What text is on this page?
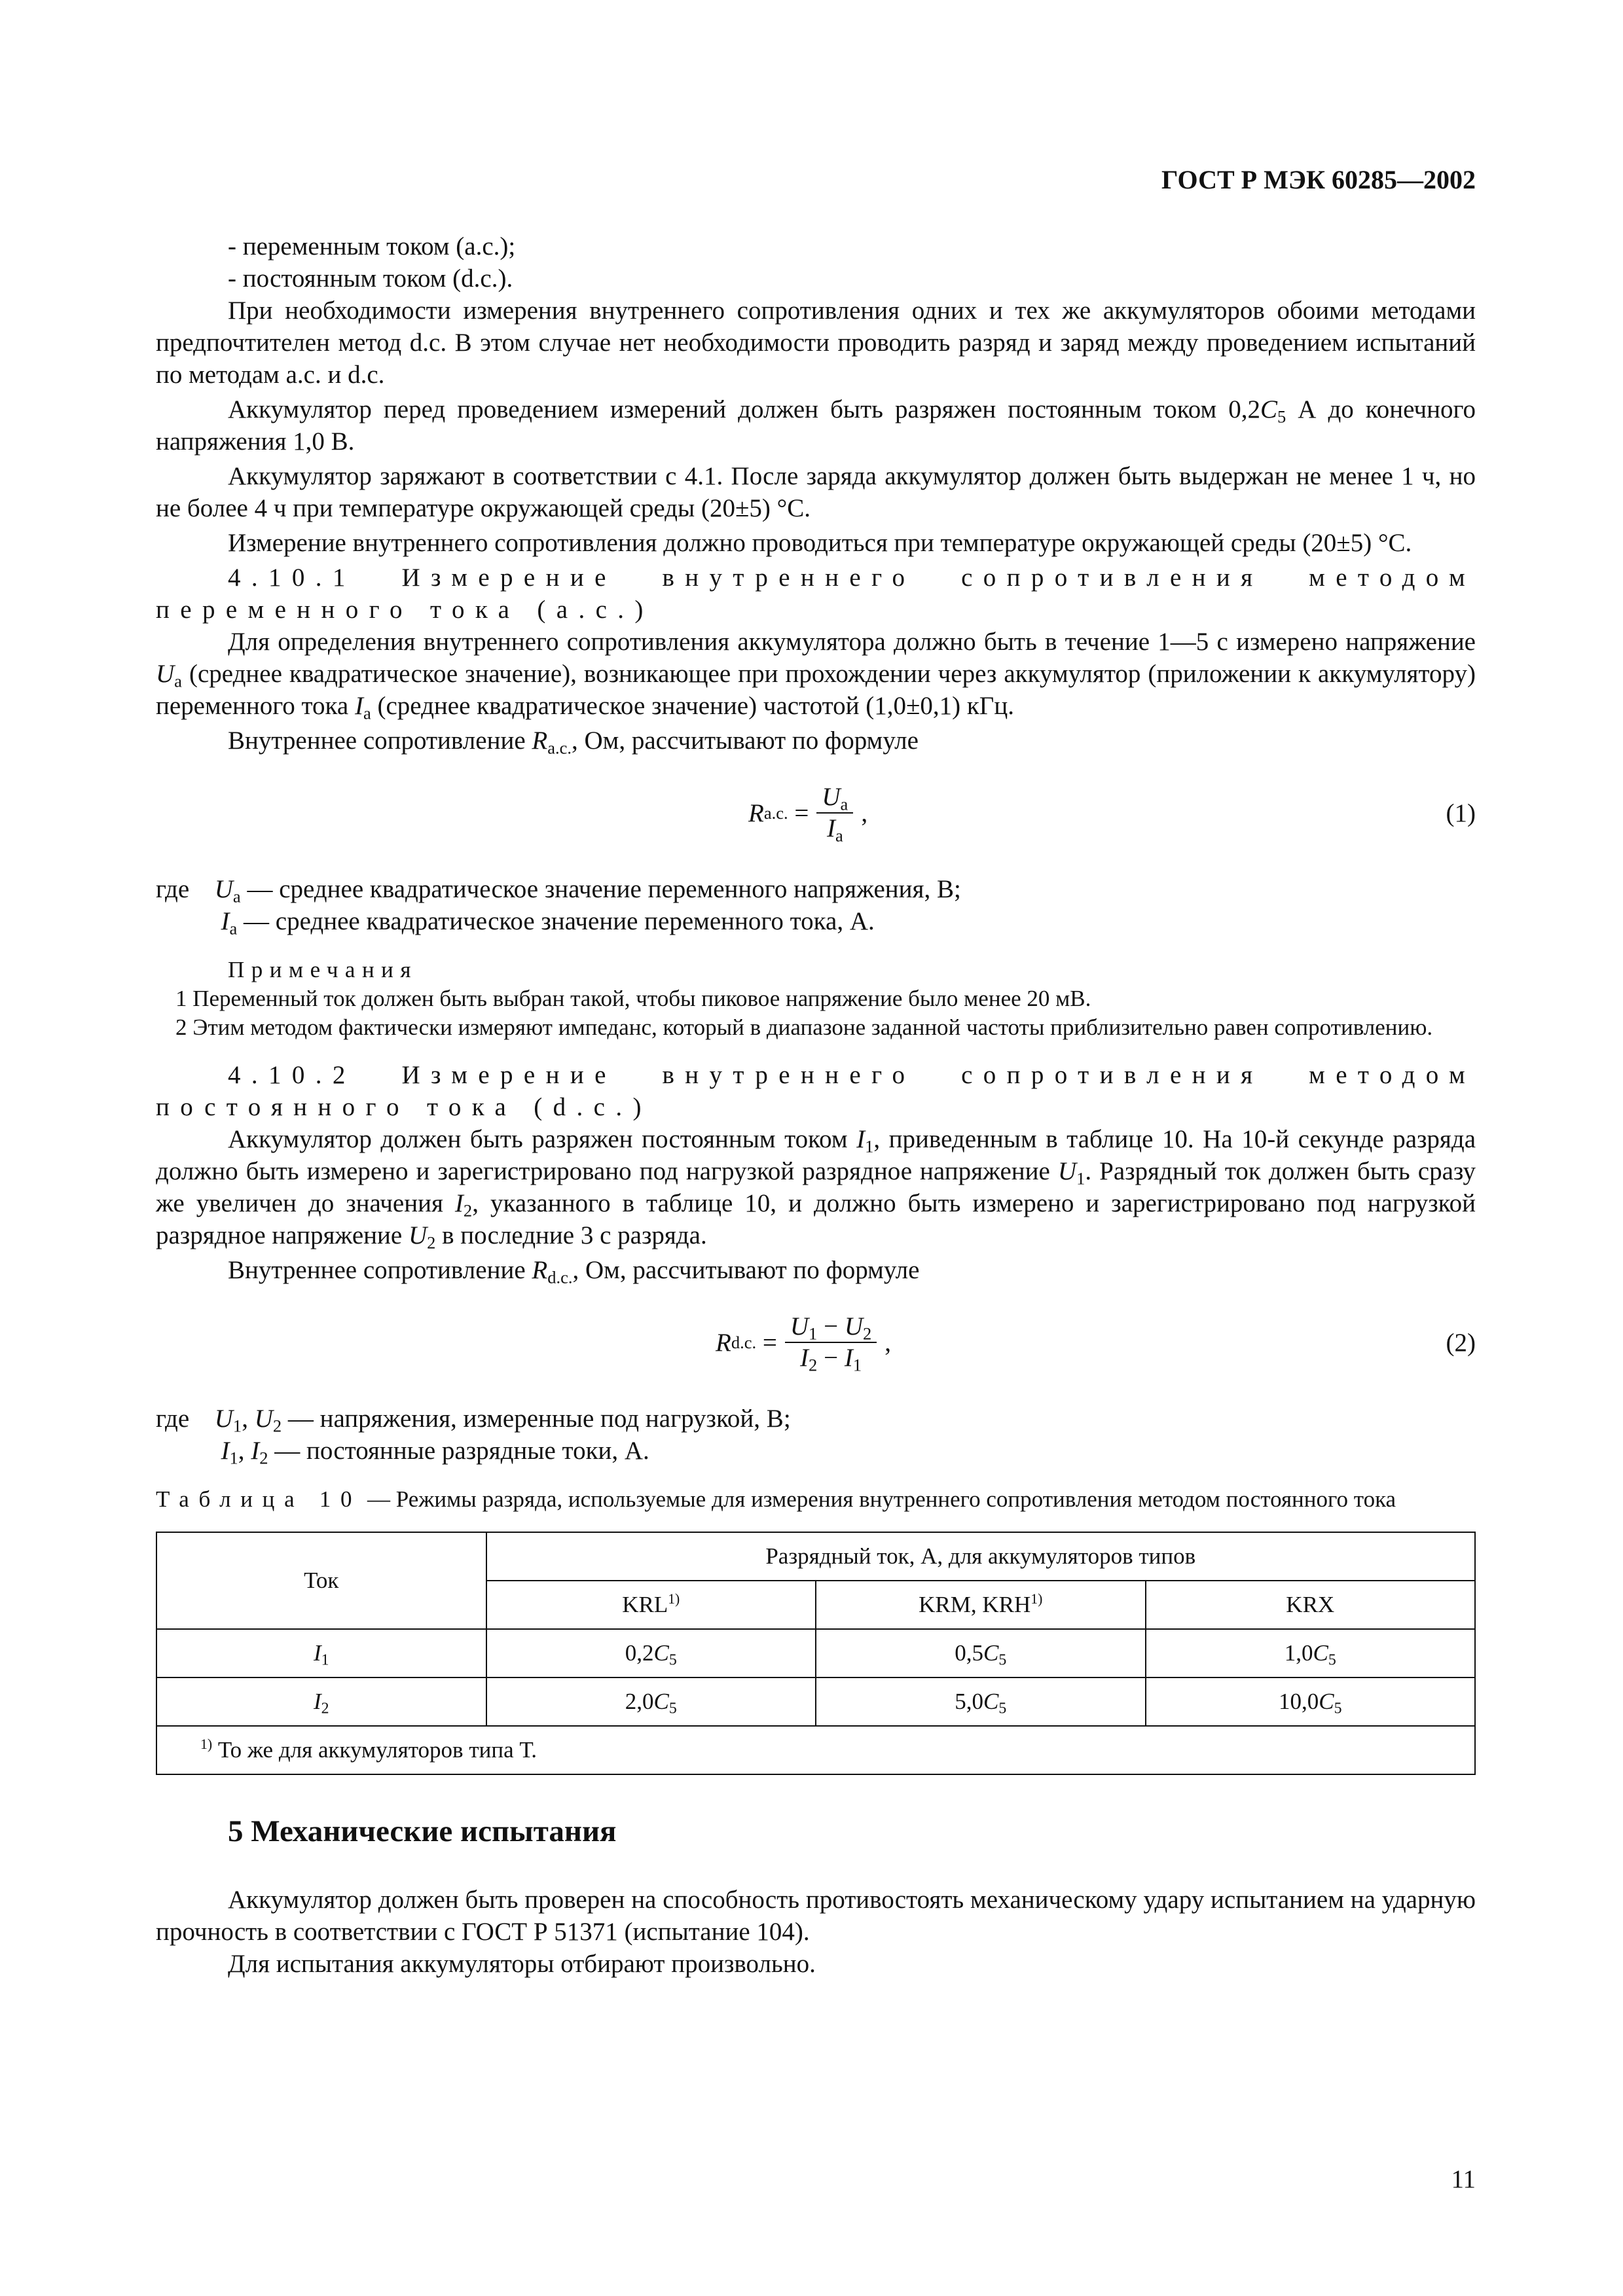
ГОСТ Р МЭК 60285—2002

- переменным током (a.c.);

- постоянным током (d.c.).

При необходимости измерения внутреннего сопротивления одних и тех же аккумуляторов обоими методами предпочтителен метод d.c. В этом случае нет необходимости проводить разряд и заряд между проведением испытаний по методам a.c. и d.c.

Аккумулятор перед проведением измерений должен быть разряжен постоянным током $0,2C_5$ А до конечного напряжения 1,0 В.

Аккумулятор заряжают в соответствии с 4.1. После заряда аккумулятор должен быть выдержан не менее 1 ч, но не более 4 ч при температуре окружающей среды (20±5) °С.

Измерение внутреннего сопротивления должно проводиться при температуре окружающей среды (20±5) °С.

4.10.1 Измерение внутреннего сопротивления методом переменного тока (a.c.)

Для определения внутреннего сопротивления аккумулятора должно быть в течение 1—5 с измерено напряжение $U_a$ (среднее квадратическое значение), возникающее при прохождении через аккумулятор (приложении к аккумулятору) переменного тока $I_a$ (среднее квадратическое значение) частотой (1,0±0,1) кГц.

Внутреннее сопротивление $R_{a.c.}$, Ом, рассчитывают по формуле

R a.c.
= $\frac{U_a}{I_a}$ ,	(1)
где $U_a$ — среднее квадратическое значение переменного напряжения, В;
$I_a$ — среднее квадратическое значение переменного тока, А.
Примечания

1 Переменный ток должен быть выбран такой, чтобы пиковое напряжение было менее 20 мВ.

2 Этим методом фактически измеряют импеданс, который в диапазоне заданной частоты приблизительно равен сопротивлению.

4.10.2 Измерение внутреннего сопротивления методом постоянного тока (d.c.)

Аккумулятор должен быть разряжен постоянным током $I_1$, приведенным в таблице 10. На 10-й секунде разряда должно быть измерено и зарегистрировано под нагрузкой разрядное напряжение $U_1$. Разрядный ток должен быть сразу же увеличен до значения $I_2$, указанного в таблице 10, и должно быть измерено и зарегистрировано под нагрузкой разрядное напряжение $U_2$ в последние 3 с разряда.

Внутреннее сопротивление $R_{d.c.}$, Ом, рассчитывают по формуле

R d.c.
= $\frac{U_1 - U_2}{I_2 - I_1}$ ,	(2)
где $U_1$, $U_2$ — напряжения, измеренные под нагрузкой, В;
$I_1$, $I_2$ — постоянные разрядные токи, А.
Таблица 10 — Режимы разряда, используемые для измерения внутреннего сопротивления методом постоянного тока
Ток	Разрядный ток, А, для аккумуляторов типов		
	KRL$^{1)}$	KRM, KRH$^{1)}$	KRX
$I_1$	$0,2C_5$	$0,5C_5$	$1,0C_5$
$I_2$	$2,0C_5$	$5,0C_5$	$10,0C_5$
$^{1)}$ То же для аккумуляторов типа Т.			
5 Механические испытания

Аккумулятор должен быть проверен на способность противостоять механическому удару испытанием на ударную прочность в соответствии с ГОСТ Р 51371 (испытание 104).

Для испытания аккумуляторы отбирают произвольно.

11
